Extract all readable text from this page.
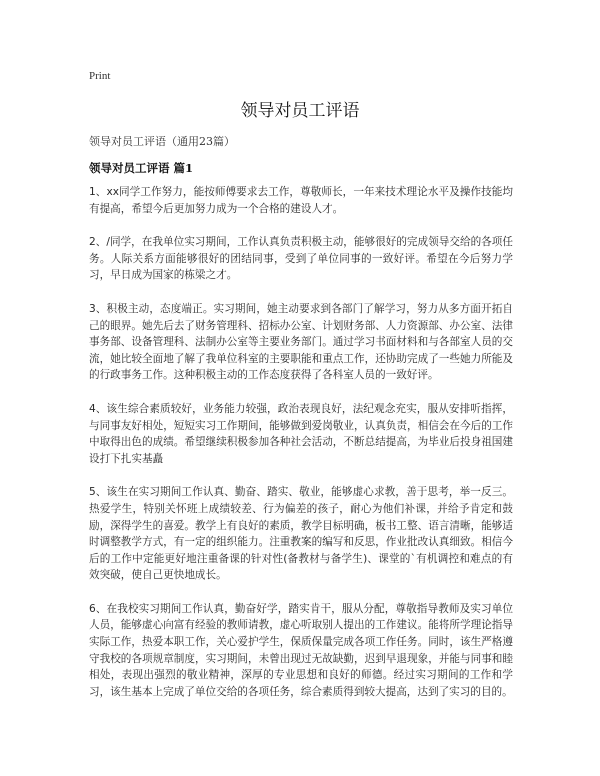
Print
领导对员工评语
领导对员工评语（通用23篇）
领导对员工评语 篇1

1、xx同学工作努力，能按师傅要求去工作，尊敬师长，一年来技术理论水平及操作技能均有提高，希望今后更加努力成为一个合格的建设人才。

2、/同学，在我单位实习期间，工作认真负责积极主动，能够很好的完成领导交给的各项任务。人际关系方面能够很好的团结同事，受到了单位同事的一致好评。希望在今后努力学习，早日成为国家的栋梁之才。

3、积极主动，态度端正。实习期间，她主动要求到各部门了解学习，努力从多方面开拓自己的眼界。她先后去了财务管理科、招标办公室、计划财务部、人力资源部、办公室、法律事务部、设备管理科、法制办公室等主要业务部门。通过学习书面材料和与各部室人员的交流，她比较全面地了解了我单位科室的主要职能和重点工作，还协助完成了一些她力所能及的行政事务工作。这种积极主动的工作态度获得了各科室人员的一致好评。

4、该生综合素质较好，业务能力较强，政治表现良好，法纪观念充实，服从安排听指挥，与同事友好相处，短短实习工作期间，能够做到爱岗敬业，认真负责，相信会在今后的工作中取得出色的成绩。希望继续积极参加各种社会活动，不断总结提高，为毕业后投身祖国建设打下扎实基矗

5、该生在实习期间工作认真、勤奋、踏实、敬业，能够虚心求教，善于思考，举一反三。热爱学生，特别关怀班上成绩较差、行为偏差的孩子，耐心为他们补课，并给予肯定和鼓励，深得学生的喜爱。教学上有良好的素质，教学目标明确，板书工整、语言清晰，能够适时调整教学方式，有一定的组织能力。注重教案的编写和反思，作业批改认真细致。相信今后的工作中定能更好地注重备课的针对性(备教材与备学生)、课堂的`有机调控和难点的有效突破，使自己更快地成长。

6、在我校实习期间工作认真，勤奋好学，踏实肯干，服从分配，尊敬指导教师及实习单位人员，能够虚心向富有经验的教师请教，虚心听取别人提出的工作建议。能将所学理论指导实际工作，热爱本职工作，关心爱护学生，保质保量完成各项工作任务。同时，该生严格遵守我校的各项规章制度，实习期间，未曾出现过无故缺勤，迟到早退现象，并能与同事和睦相处，表现出强烈的敬业精神，深厚的专业思想和良好的师德。经过实习期间的工作和学习，该生基本上完成了单位交给的各项任务，综合素质得到较大提高，达到了实习的目的。
